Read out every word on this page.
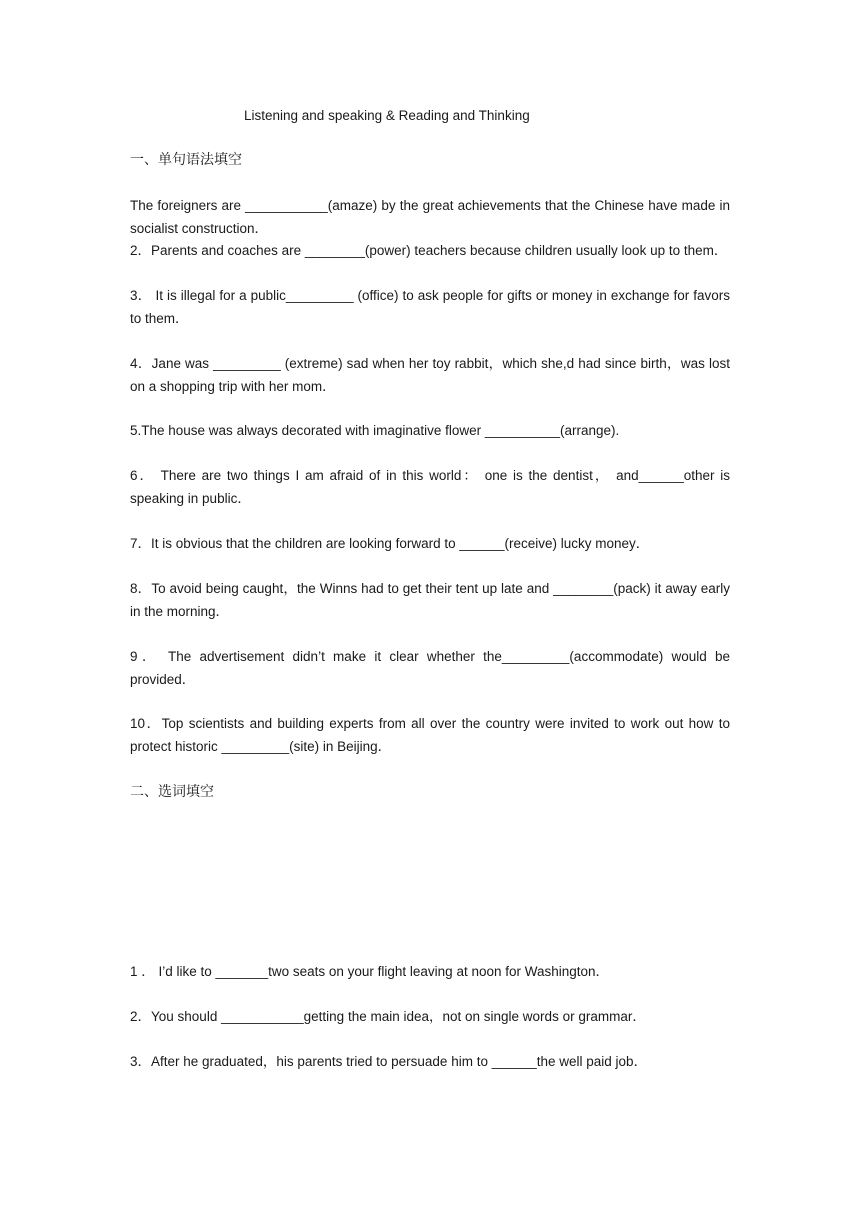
Listening and speaking & Reading and Thinking
一、单句语法填空
The foreigners are ___________(amaze) by the great achievements that the Chinese have made in socialist construction．
2．Parents and coaches are ________(power) teachers because children usually look up to them．
3． It is illegal for a public_________ (office) to ask people for gifts or money in exchange for favors to them．
4．Jane was _________ (extreme) sad when her toy rabbit，which she,d had since birth，was lost on a shopping trip with her mom．
5.The house was always decorated with imaginative flower __________(arrange).
6． There are two things I am afraid of in this world： one is the dentist， and______other is speaking in public．
7．It is obvious that the children are looking forward to ______(receive) lucky money．
8．To avoid being caught，the Winns had to get their tent up late and ________(pack) it away early in the morning．
9． The advertisement didn’t make it clear whether the_________(accommodate) would be provided．
10．Top scientists and building experts from all over the country were invited to work out how to protect historic _________(site) in Beijing．
二、选词填空
1 ． I’d like to _______two seats on your flight leaving at noon for Washington．
2．You should ___________getting the main idea，not on single words or grammar．
3．After he graduated，his parents tried to persuade him to ______the well paid job．
